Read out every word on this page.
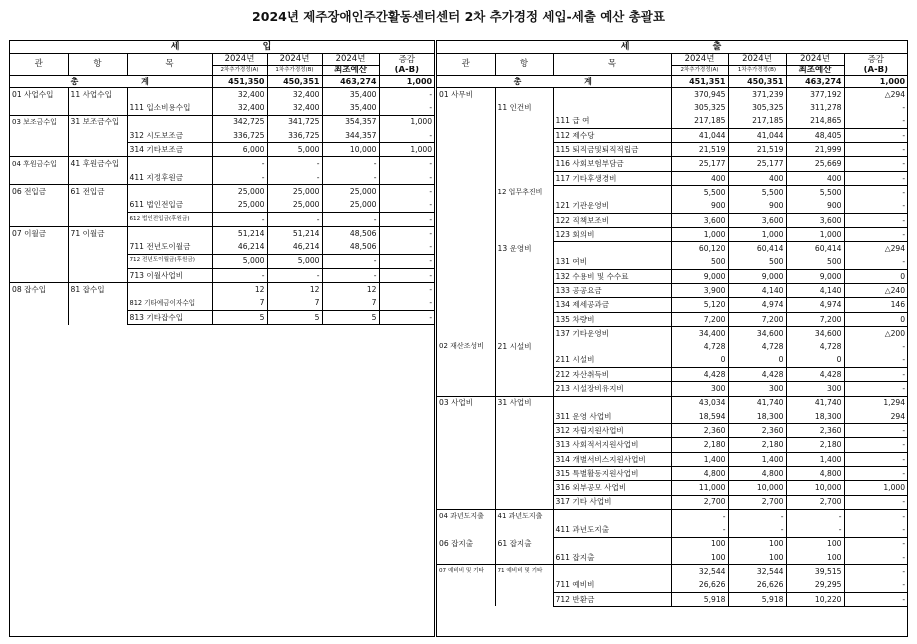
2024년 제주장애인주간활동센터센터 2차 추가경정 세입-세출 예산 총괄표
세 입						
관	항	목	2024년	2024년	2024년	증감
			2차추가경정(A)	1차추가경정(B)	최초예산	(A-B)
총 계			451,350	450,351	463,274	1,000
01 사업수입	11 사업수입		32,400	32,400	35,400	-
		111 입소비용수입	32,400	32,400	35,400	-
03 보조금수입	31 보조금수입		342,725	341,725	354,357	1,000
		312 시도보조금	336,725	336,725	344,357	-
		314 기타보조금	6,000	5,000	10,000	1,000
04 후원금수입	41 후원금수입		-	-	-	-
		411 지정후원금	-	-	-	-
06 전입금	61 전입금		25,000	25,000	25,000	-
		611 법인전입금	25,000	25,000	25,000	-
		612 법인전입금(후원금)	-	-	-	-
07 이월금	71 이월금		51,214	51,214	48,506	-
		711 전년도이월금	46,214	46,214	48,506	-
		712 전년도이월금(후원금)	5,000	5,000	-	-
		713 이월사업비	-	-	-	-
08 잡수입	81 잡수입		12	12	12	-
		812 기타예금이자수입	7	7	7	-
		813 기타잡수입	5	5	5	-
세 출						
관	항	목	2024년	2024년	2024년	증감
			2차추가경정(A)	1차추가경정(B)	최초예산	(A-B)
총 계			451,351	450,351	463,274	1,000
01 사무비			370,945	371,239	377,192	△294
	11 인건비		305,325	305,325	311,278	-
		111 급 여	217,185	217,185	214,865	-
		112 제수당	41,044	41,044	48,405	-
		115 퇴직금및퇴직적립금	21,519	21,519	21,999	-
		116 사회보험부담금	25,177	25,177	25,669	-
		117 기타후생경비	400	400	400	-
	12 업무추진비		5,500	5,500	5,500	-
		121 기관운영비	900	900	900	-
		122 직책보조비	3,600	3,600	3,600	-
		123 회의비	1,000	1,000	1,000	-
	13 운영비		60,120	60,414	60,414	△294
		131 여비	500	500	500	-
		132 수용비 및 수수료	9,000	9,000	9,000	0
		133 공공요금	3,900	4,140	4,140	△240
		134 제세공과금	5,120	4,974	4,974	146
		135 차량비	7,200	7,200	7,200	0
		137 기타운영비	34,400	34,600	34,600	△200
02 재산조성비	21 시설비		4,728	4,728	4,728	-
		211 시설비	0	0	0	-
		212 자산취득비	4,428	4,428	4,428	-
		213 시설장비유지비	300	300	300	-
03 사업비	31 사업비		43,034	41,740	41,740	1,294
		311 운영 사업비	18,594	18,300	18,300	294
		312 자립지원사업비	2,360	2,360	2,360	-
		313 사회적서지원사업비	2,180	2,180	2,180	-
		314 개별서비스지원사업비	1,400	1,400	1,400	-
		315 특별활동지원사업비	4,800	4,800	4,800	-
		316 외부공모 사업비	11,000	10,000	10,000	1,000
		317 기타 사업비	2,700	2,700	2,700	-
04 과년도지출	41 과년도지출		-	-	-	-
		411 과년도지출	-	-	-	-
06 잡지출	61 잡지출		100	100	100	-
		611 잡지출	100	100	100	-
07 예비비 및 기타	71 예비비 및 기타		32,544	32,544	39,515	-
		711 예비비	26,626	26,626	29,295	-
		712 반환금	5,918	5,918	10,220	-
